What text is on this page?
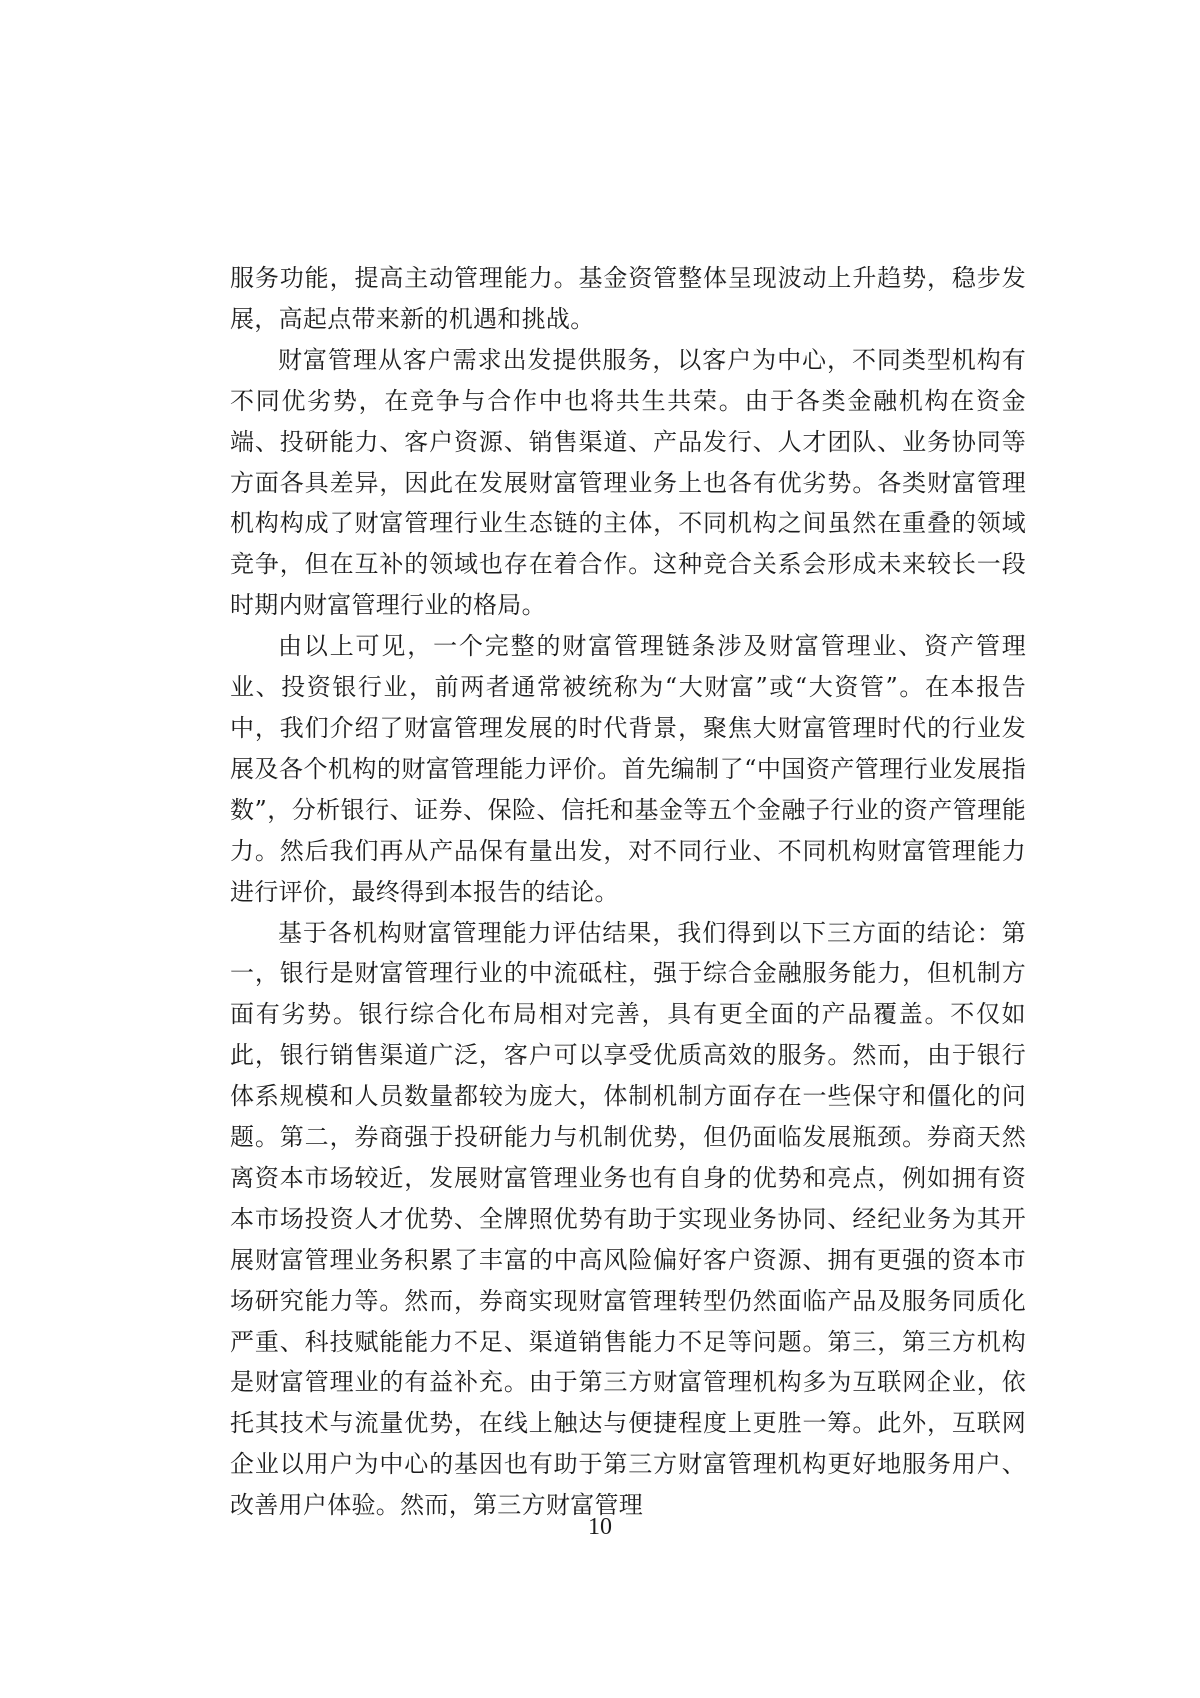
服务功能，提高主动管理能力。基金资管整体呈现波动上升趋势，稳步发展，高起点带来新的机遇和挑战。

财富管理从客户需求出发提供服务，以客户为中心，不同类型机构有不同优劣势，在竞争与合作中也将共生共荣。由于各类金融机构在资金端、投研能力、客户资源、销售渠道、产品发行、人才团队、业务协同等方面各具差异，因此在发展财富管理业务上也各有优劣势。各类财富管理机构构成了财富管理行业生态链的主体，不同机构之间虽然在重叠的领域竞争，但在互补的领域也存在着合作。这种竞合关系会形成未来较长一段时期内财富管理行业的格局。

由以上可见，一个完整的财富管理链条涉及财富管理业、资产管理业、投资银行业，前两者通常被统称为“大财富”或“大资管”。在本报告中，我们介绍了财富管理发展的时代背景，聚焦大财富管理时代的行业发展及各个机构的财富管理能力评价。首先编制了“中国资产管理行业发展指数”，分析银行、证券、保险、信托和基金等五个金融子行业的资产管理能力。然后我们再从产品保有量出发，对不同行业、不同机构财富管理能力进行评价，最终得到本报告的结论。

基于各机构财富管理能力评估结果，我们得到以下三方面的结论：第一，银行是财富管理行业的中流砥柱，强于综合金融服务能力，但机制方面有劣势。银行综合化布局相对完善，具有更全面的产品覆盖。不仅如此，银行销售渠道广泛，客户可以享受优质高效的服务。然而，由于银行体系规模和人员数量都较为庞大，体制机制方面存在一些保守和僵化的问题。第二，券商强于投研能力与机制优势，但仍面临发展瓶颈。券商天然离资本市场较近，发展财富管理业务也有自身的优势和亮点，例如拥有资本市场投资人才优势、全牌照优势有助于实现业务协同、经纪业务为其开展财富管理业务积累了丰富的中高风险偏好客户资源、拥有更强的资本市场研究能力等。然而，券商实现财富管理转型仍然面临产品及服务同质化严重、科技赋能能力不足、渠道销售能力不足等问题。第三，第三方机构是财富管理业的有益补充。由于第三方财富管理机构多为互联网企业，依托其技术与流量优势，在线上触达与便捷程度上更胜一筹。此外，互联网企业以用户为中心的基因也有助于第三方财富管理机构更好地服务用户、改善用户体验。然而，第三方财富管理

10
